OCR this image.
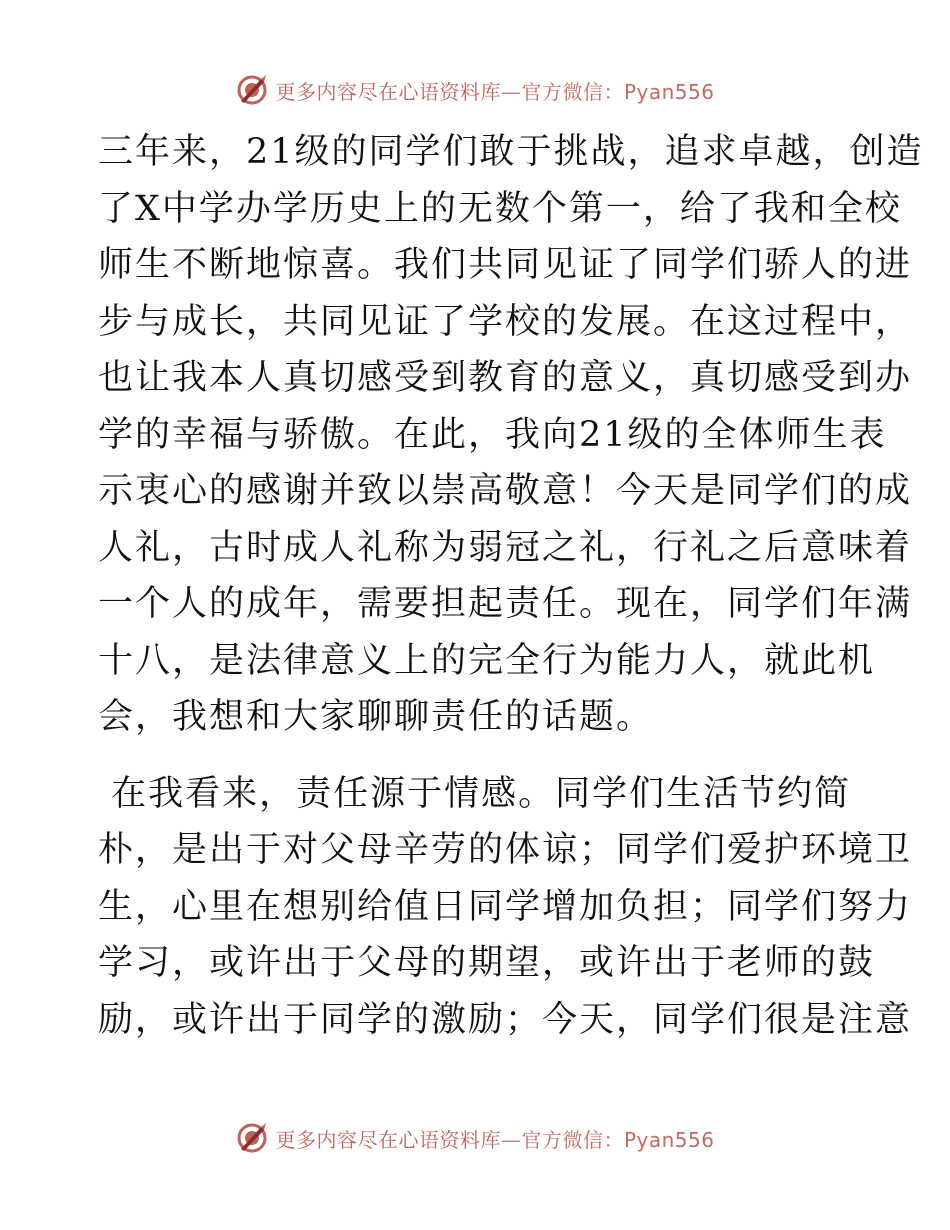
更多内容尽在心语资料库—官方微信：Pyan556

三年来，21级的同学们敢于挑战，追求卓越，创造
了X中学办学历史上的无数个第一，给了我和全校
师生不断地惊喜。我们共同见证了同学们骄人的进
步与成长，共同见证了学校的发展。在这过程中，
也让我本人真切感受到教育的意义，真切感受到办
学的幸福与骄傲。在此，我向21级的全体师生表
示衷心的感谢并致以崇高敬意！今天是同学们的成
人礼，古时成人礼称为弱冠之礼，行礼之后意味着
一个人的成年，需要担起责任。现在，同学们年满
十八，是法律意义上的完全行为能力人，就此机
会，我想和大家聊聊责任的话题。

在我看来，责任源于情感。同学们生活节约简
朴，是出于对父母辛劳的体谅；同学们爱护环境卫
生，心里在想别给值日同学增加负担；同学们努力
学习，或许出于父母的期望，或许出于老师的鼓
励，或许出于同学的激励；今天，同学们很是注意

更多内容尽在心语资料库—官方微信：Pyan556
